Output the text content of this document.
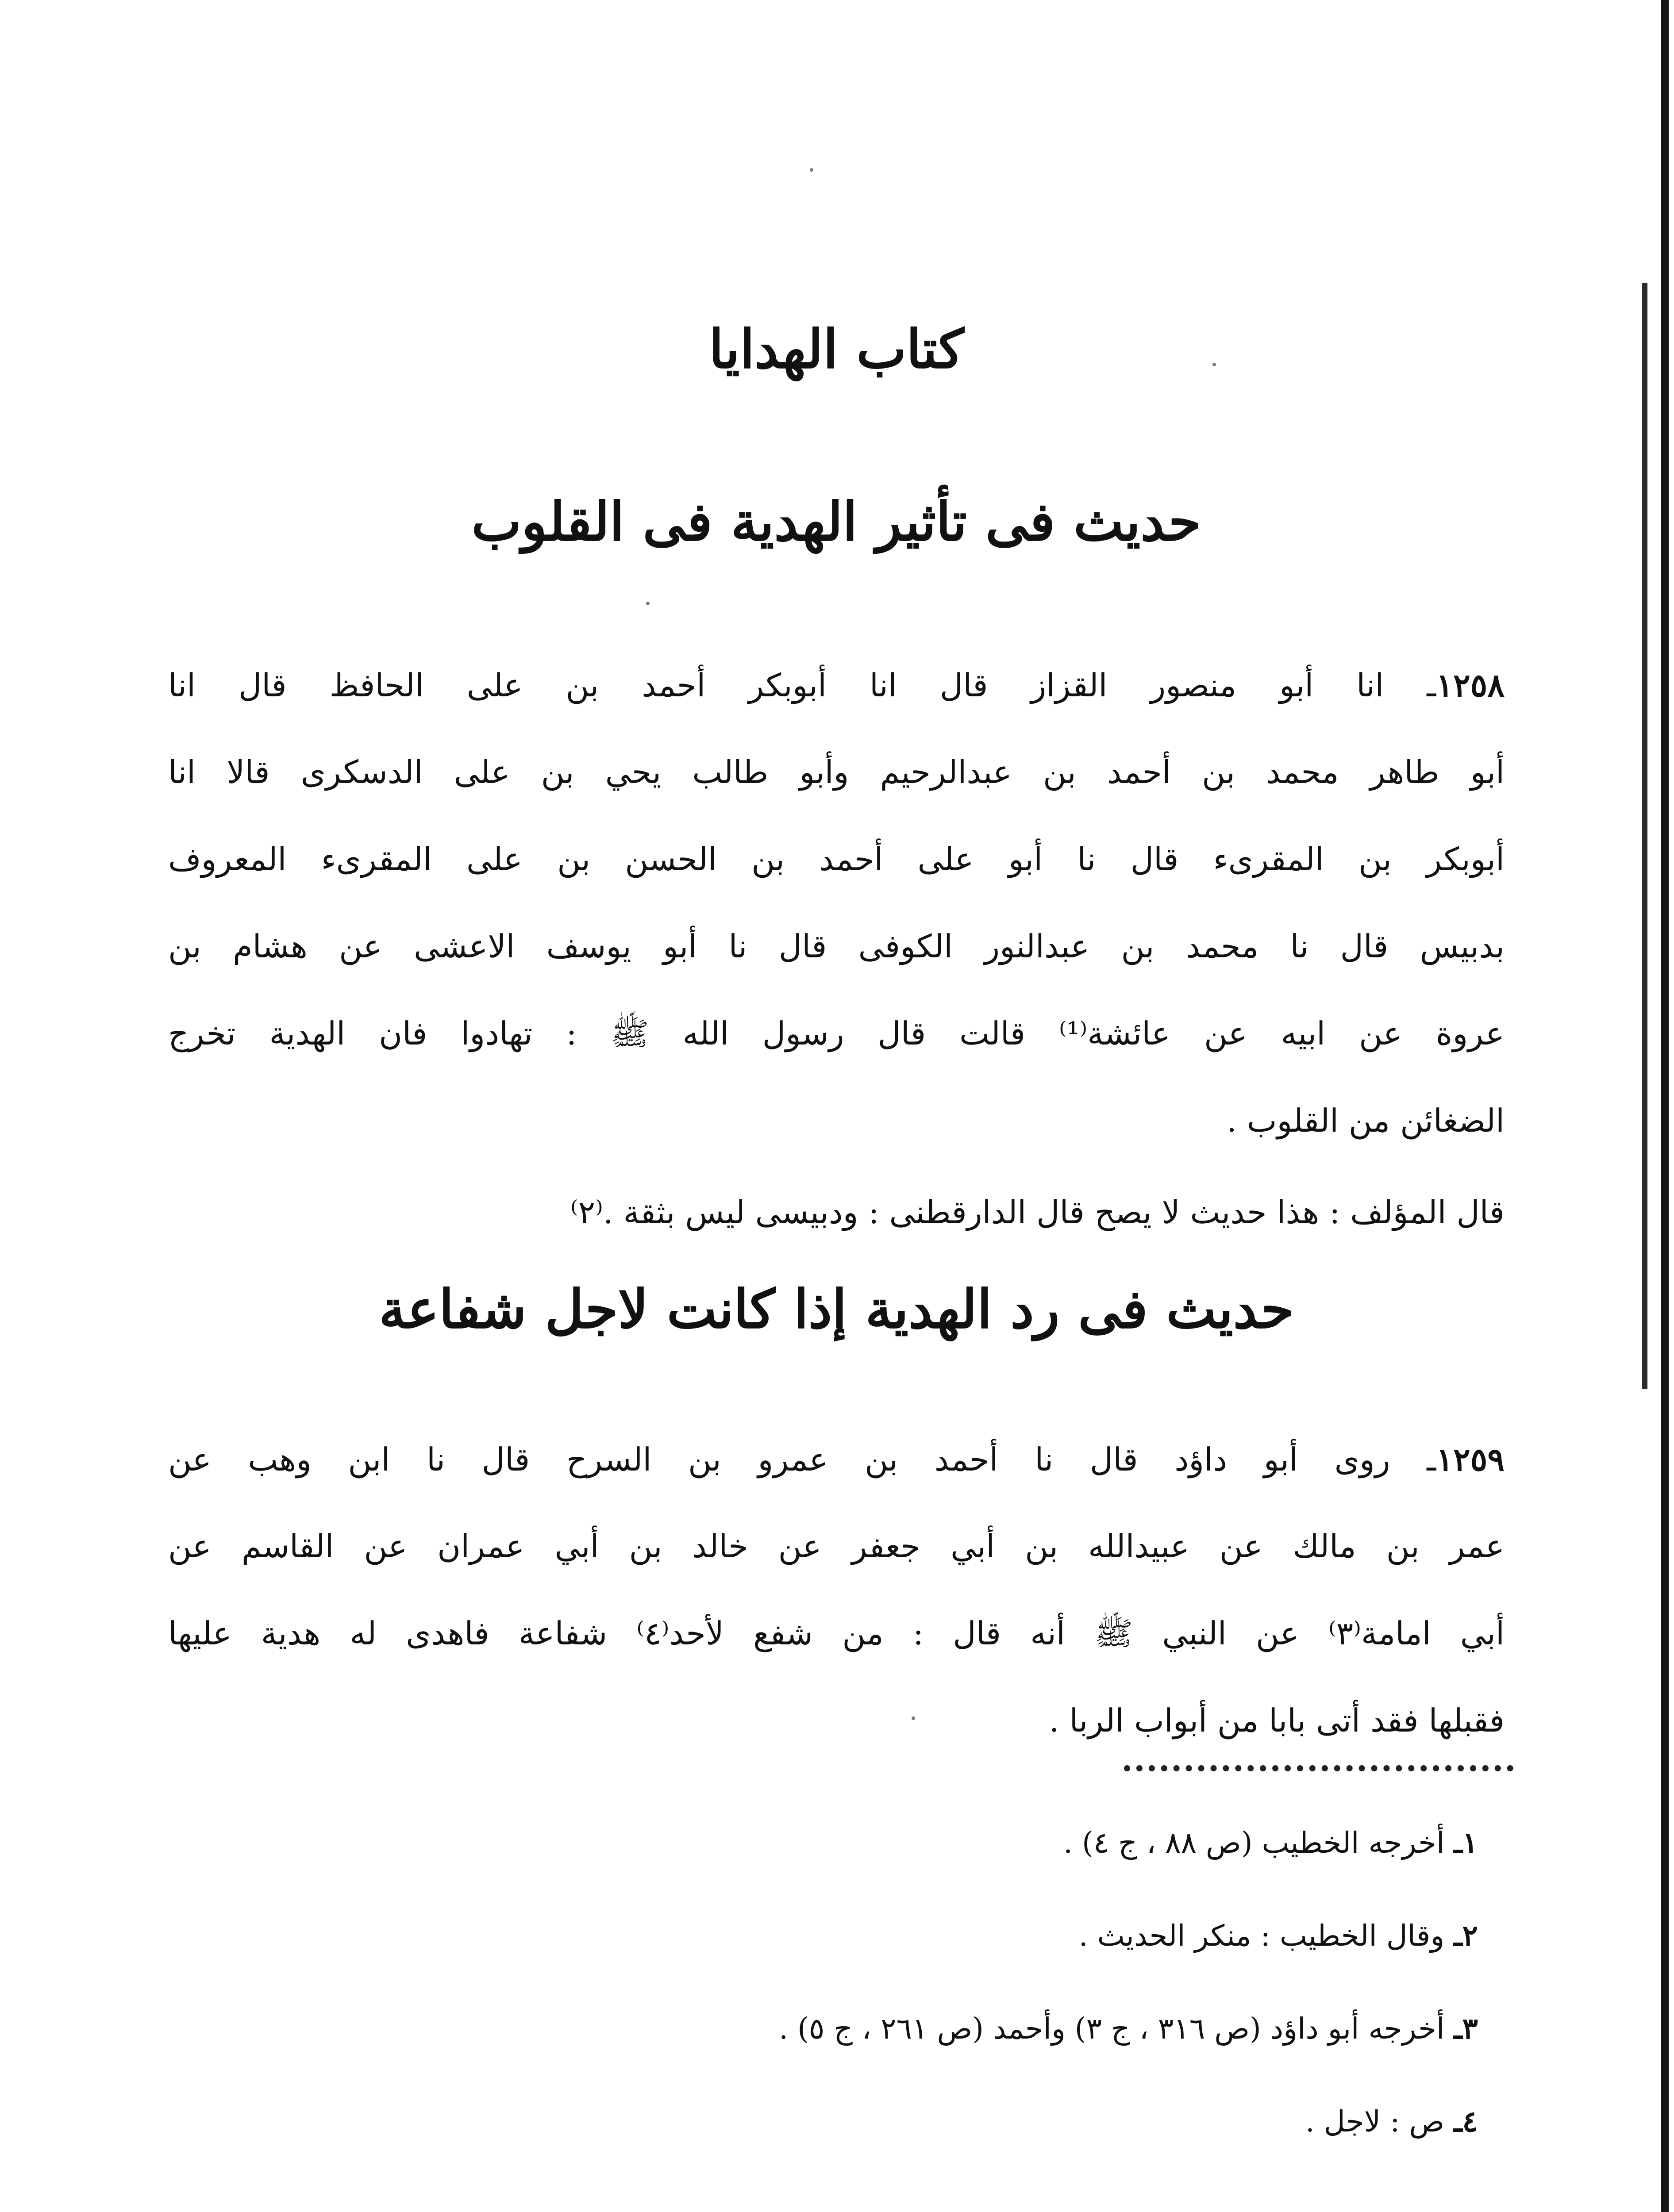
كتاب الهدايا
حديث فى تأثير الهدية فى القلوب
١٢٥٨ـ انا أبو منصور القزاز قال انا أبوبكر أحمد بن على الحافظ قال انا
أبو طاهر محمد بن أحمد بن عبدالرحيم وأبو طالب يحي بن على الدسكرى قالا انا
أبوبكر بن المقرىء قال نا أبو على أحمد بن الحسن بن على المقرىء المعروف
بدبيس قال نا محمد بن عبدالنور الكوفى قال نا أبو يوسف الاعشى عن هشام بن
عروة عن ابيه عن عائشة⁽¹⁾ قالت قال رسول الله ﷺ : تهادوا فان الهدية تخرج
الضغائن من القلوب .
قال المؤلف : هذا حديث لا يصح قال الدارقطنى : ودبيسى ليس بثقة .⁽٢⁾
حديث فى رد الهدية إذا كانت لاجل شفاعة
١٢٥٩ـ روى أبو داؤد قال نا أحمد بن عمرو بن السرح قال نا ابن وهب عن
عمر بن مالك عن عبيدالله بن أبي جعفر عن خالد بن أبي عمران عن القاسم عن
أبي امامة⁽٣⁾ عن النبي ﷺ أنه قال : من شفع لأحد⁽٤⁾ شفاعة فاهدى له هدية عليها
فقبلها فقد أتى بابا من أبواب الربا .
١ـ أخرجه الخطيب (ص ٨٨ ، ج ٤) .
٢ـ وقال الخطيب : منكر الحديث .
٣ـ أخرجه أبو داؤد (ص ٣١٦ ، ج ٣) وأحمد (ص ٢٦١ ، ج ٥) .
٤ـ ص : لاجل .
